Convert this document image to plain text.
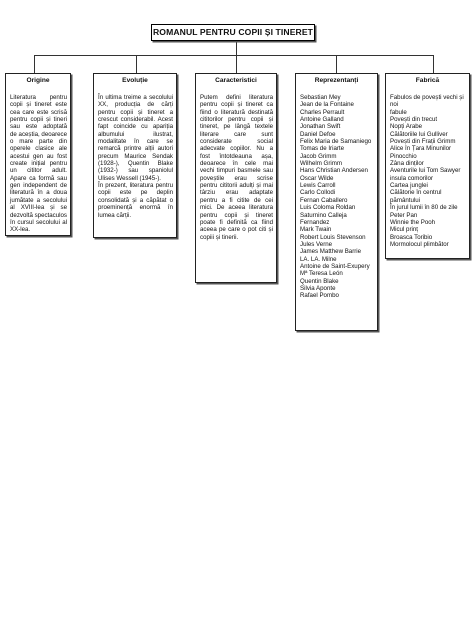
ROMANUL PENTRU COPII ȘI TINERET
Origine

Literatura pentru copii și tineret este cea care este scrisă pentru copii și tineri sau este adoptată de aceștia, deoarece o mare parte din operele clasice ale acestui gen au fost create inițial pentru un cititor adult. Apare ca formă sau gen independent de literatură în a doua jumătate a secolului al XVIII-lea și se dezvoltă spectaculos în cursul secolului al XX-lea.

Evoluție

În ultima treime a secolului XX, producția de cărți pentru copii și tineret a crescut considerabil. Acest fapt coincide cu apariția albumului ilustrat, modalitate în care se remarcă printre alții autori precum Maurice Sendak (1928-), Quentin Blake (1932-) sau spaniolul Ulises Wessell (1945-).

În prezent, literatura pentru copii este pe deplin consolidată și a căpătat o proeminență enormă în lumea cărții.

Caracteristici

Putem defini literatura pentru copii și tineret ca fiind o literatură destinată cititorilor pentru copii și tineret, pe lângă textele literare care sunt considerate social adecvate copiilor. Nu a fost întotdeauna așa, deoarece în cele mai vechi timpuri basmele sau poveștile erau scrise pentru cititorii adulți și mai târziu erau adaptate pentru a fi citite de cei mici. De aceea literatura pentru copii și tineret poate fi definită ca fiind aceea pe care o pot citi și copiii și tinerii.

Reprezentanți
Sebastian Mey
Jean de la Fontaine
Charles Perrault
Antoine Galland
Jonathan Swift
Daniel Defoe
Felix Maria de Samaniego
Tomas de Iriarte
Jacob Grimm
Wilhelm Grimm
Hans Christian Andersen
Oscar Wilde
Lewis Carroll
Carlo Collodi
Fernan Caballero
Luis Coloma Roldan
Saturnino Calleja Fernandez
Mark Twain
Robert Louis Stevenson
Jules Verne
James Matthew Barrie
LA. LA. Milne
Antoine de Saint-Exupery
Mª Teresa León
Quentin Blake
Silvia Aponte
Rafael Pombo
Fabrică
Fabulos de povești vechi și noi
fabule
Povești din trecut
Nopți Arabe
Călătoriile lui Gulliver
Povești din Frații Grimm
Alice în Țara Minunilor
Pinocchio
Zâna dinților
Aventurile lui Tom Sawyer
insula comorilor
Cartea junglei
Călătorie în centrul pământului
În jurul lumii în 80 de zile
Peter Pan
Winnie the Pooh
Micul prinț
Broasca Toribio
Mormolocul plimbător
